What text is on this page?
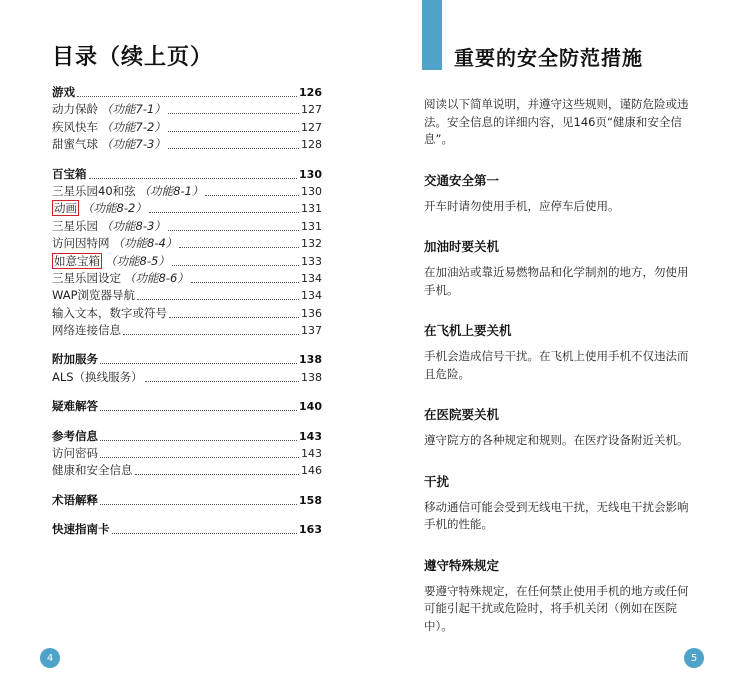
目录（续上页）
游戏	126
动力保龄 （功能7-1）	127
疾风快车 （功能7-2）	127
甜蜜气球 （功能7-3）	128
百宝箱	130
三星乐园40和弦 （功能8-1）	130
动画 （功能8-2）	131
三星乐园 （功能8-3）	131
访问因特网 （功能8-4）	132
如意宝箱 （功能8-5）	133
三星乐园设定 （功能8-6）	134
WAP浏览器导航	134
输入文本，数字或符号	136
网络连接信息	137
附加服务	138
ALS（换线服务）	138
疑难解答	140
参考信息	143
访问密码	143
健康和安全信息	146
术语解释	158
快速指南卡	163
4
重要的安全防范措施

阅读以下简单说明，并遵守这些规则，谨防危险或违法。安全信息的详细内容，见146页“健康和安全信息”。

交通安全第一

开车时请勿使用手机，应停车后使用。

加油时要关机

在加油站或靠近易燃物品和化学制剂的地方，勿使用手机。

在飞机上要关机

手机会造成信号干扰。在飞机上使用手机不仅违法而且危险。

在医院要关机

遵守院方的各种规定和规则。在医疗设备附近关机。

干扰

移动通信可能会受到无线电干扰，无线电干扰会影响手机的性能。

遵守特殊规定

要遵守特殊规定，在任何禁止使用手机的地方或任何可能引起干扰或危险时，将手机关闭（例如在医院中）。

5
